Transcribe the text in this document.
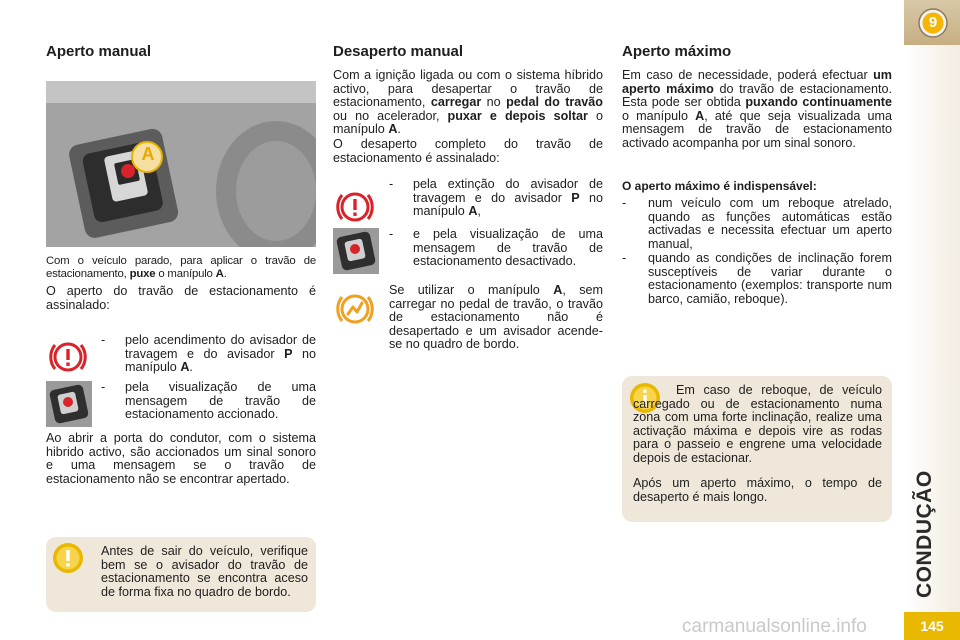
9
CONDUÇÃO
145
Aperto manual
A
Com o veículo parado, para aplicar o travão de estacionamento, puxe o manípulo A.
O aperto do travão de estacionamento é assinalado:
- pelo acendimento do avisador de travagem e do avisador P no manípulo A.
- pela visualização de uma mensagem de travão de estacionamento accionado.
Ao abrir a porta do condutor, com o sistema hibrido activo, são accionados um sinal sonoro e uma mensagem se o travão de estacionamento não se encontrar apertado.
Antes de sair do veículo, verifique bem se o avisador do travão de estacionamento se encontra aceso de forma fixa no quadro de bordo.
Desaperto manual
Com a ignição ligada ou com o sistema híbrido activo, para desapertar o travão de estacionamento, carregar no pedal do travão ou no acelerador, puxar e depois soltar o manípulo A.
O desaperto completo do travão de estacionamento é assinalado:
- pela extinção do avisador de travagem e do avisador P no manípulo A,
- e pela visualização de uma mensagem de travão de estacionamento desactivado.
Se utilizar o manípulo A, sem carregar no pedal de travão, o travão de estacionamento não é desapertado e um avisador acende-se no quadro de bordo.
Aperto máximo
Em caso de necessidade, poderá efectuar um aperto máximo do travão de estacionamento. Esta pode ser obtida puxando continuamente o manípulo A, até que seja visualizada uma mensagem de travão de estacionamento activado acompanha por um sinal sonoro.
O aperto máximo é indispensável:
- num veículo com um reboque atrelado, quando as funções automáticas estão activadas e necessita efectuar um aperto manual,
- quando as condições de inclinação forem susceptíveis de variar durante o estacionamento (exemplos: transporte num barco, camião, reboque).
Em caso de reboque, de veículo carregado ou de estacionamento numa zona com uma forte inclinação, realize uma activação máxima e depois vire as rodas para o passeio e engrene uma velocidade depois de estacionar.
Após um aperto máximo, o tempo de desaperto é mais longo.
carmanualsonline.info
